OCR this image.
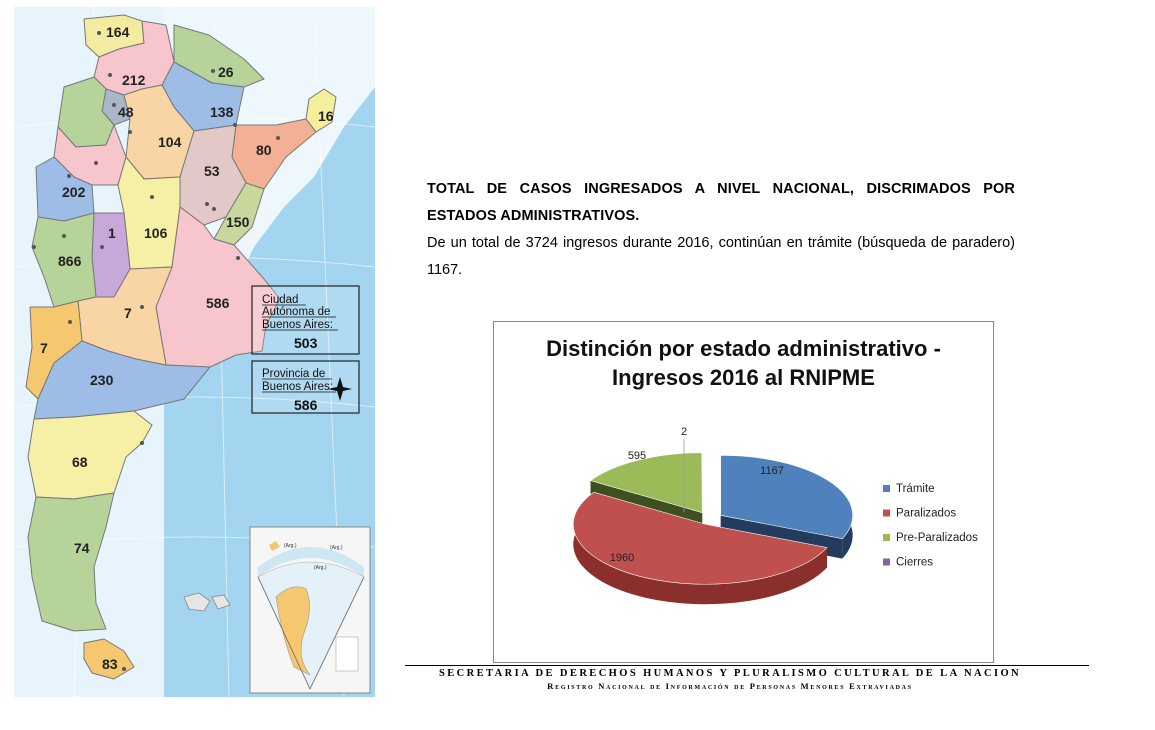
164
212	26
48	138	16
104	80
53
202
150
1 106
866
7
586
7
230
68
74
83
Ciudad
Autónoma de
Buenos Aires:
503
Provincia de
Buenos Aires:
586
(Arg.)	(Arg.)
(Arg.)

TOTAL DE CASOS INGRESADOS A NIVEL NACIONAL, DISCRIMADOS POR ESTADOS ADMINISTRATIVOS.

De un total de 3724 ingresos durante 2016, continúan en trámite (búsqueda de paradero) 1167.

Distinción por estado administrativo -
Ingresos 2016 al RNIPME
1167
1960
595
2
Trámite
Paralizados
Pre-Paralizados
Cierres
SECRETARIA DE DERECHOS HUMANOS Y PLURALISMO CULTURAL DE LA NACION
Registro Nacional de Información de Personas Menores Extraviadas
